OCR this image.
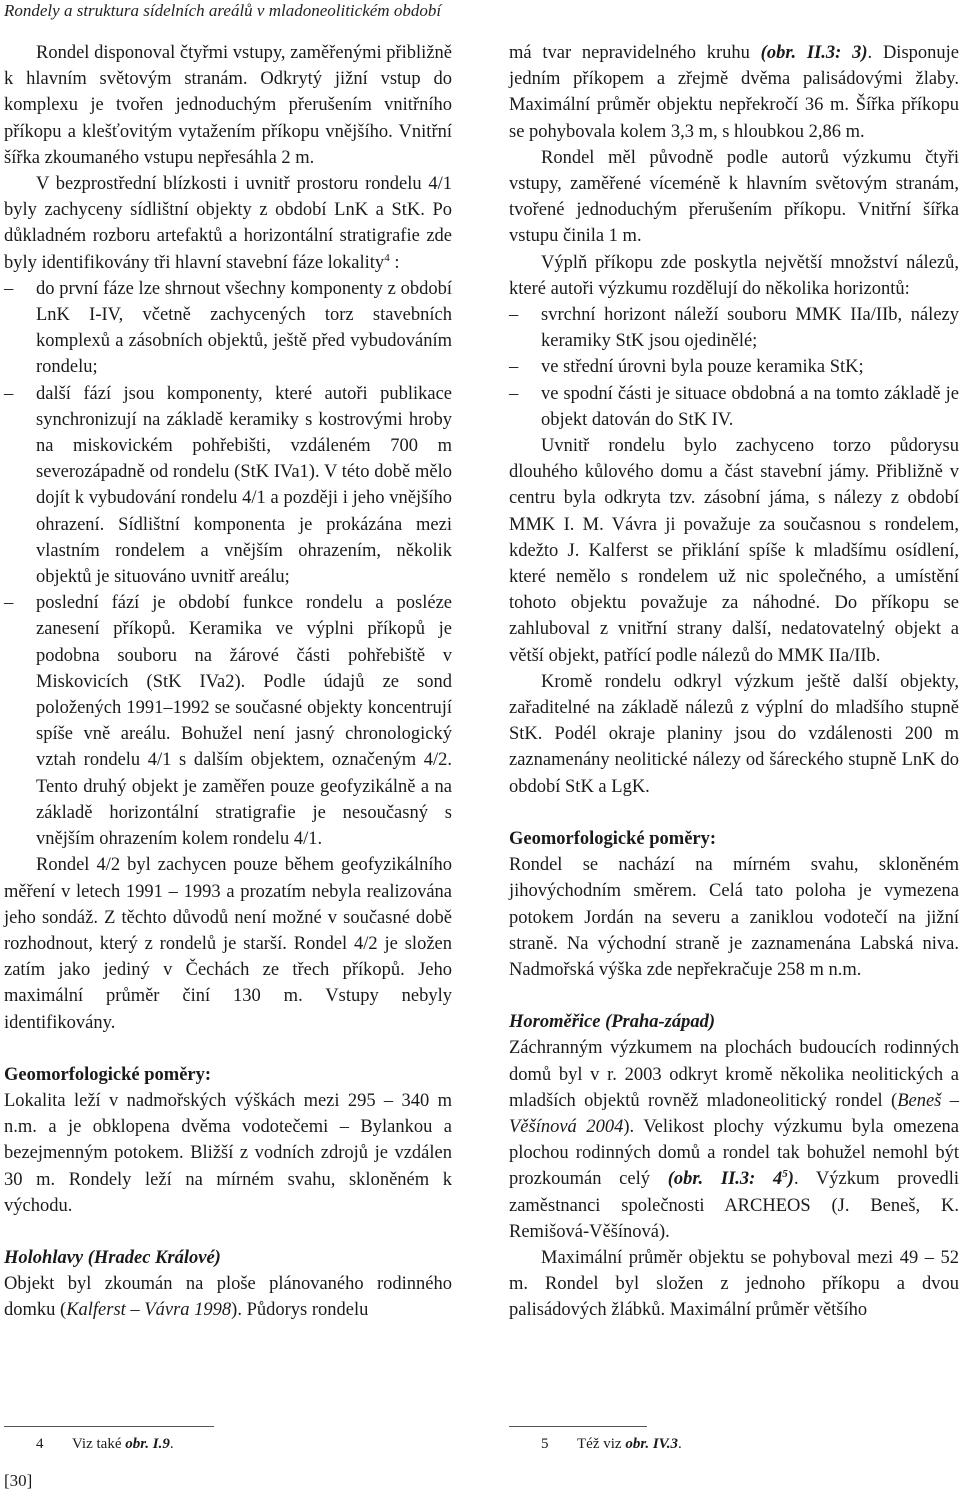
Rondely a struktura sídelních areálů v mladoneolitickém období

Rondel disponoval čtyřmi vstupy, zaměřenými přibližně k hlavním světovým stranám. Odkrytý jižní vstup do komplexu je tvořen jednoduchým přerušením vnitřního příkopu a klešťovitým vytažením příkopu vnějšího. Vnitřní šířka zkoumaného vstupu nepřesáhla 2 m.

V bezprostřední blízkosti i uvnitř prostoru rondelu 4/1 byly zachyceny sídlištní objekty z období LnK a StK. Po důkladném rozboru artefaktů a horizontální stratigrafie zde byly identifikovány tři hlavní stavební fáze lokality$^4$ :

– do první fáze lze shrnout všechny komponenty z období LnK I-IV, včetně zachycených torz stavebních komplexů a zásobních objektů, ještě před vybudováním rondelu;
– další fází jsou komponenty, které autoři publikace synchronizují na základě keramiky s kostrovými hroby na miskovickém pohřebišti, vzdáleném 700 m severozápadně od rondelu (StK IVa1). V této době mělo dojít k vybudování rondelu 4/1 a později i jeho vnějšího ohrazení. Sídlištní komponenta je prokázána mezi vlastním rondelem a vnějším ohrazením, několik objektů je situováno uvnitř areálu;
– poslední fází je období funkce rondelu a posléze zanesení příkopů. Keramika ve výplni příkopů je podobna souboru na žárové části pohřebiště v Miskovicích (StK IVa2). Podle údajů ze sond položených 1991–1992 se současné objekty koncentrují spíše vně areálu. Bohužel není jasný chronologický vztah rondelu 4/1 s dalším objektem, označeným 4/2. Tento druhý objekt je zaměřen pouze geofyzikálně a na základě horizontální stratigrafie je nesoučasný s vnějším ohrazením kolem rondelu 4/1.

Rondel 4/2 byl zachycen pouze během geofyzikálního měření v letech 1991 – 1993 a prozatím nebyla realizována jeho sondáž. Z těchto důvodů není možné v současné době rozhodnout, který z rondelů je starší. Rondel 4/2 je složen zatím jako jediný v Čechách ze třech příkopů. Jeho maximální průměr činí 130 m. Vstupy nebyly identifikovány.

Geomorfologické poměry:

Lokalita leží v nadmořských výškách mezi 295 – 340 m n.m. a je obklopena dvěma vodotečemi – Bylankou a bezejmenným potokem. Bližší z vodních zdrojů je vzdálen 30 m. Rondely leží na mírném svahu, skloněném k východu.

Holohlavy (Hradec Králové)

Objekt byl zkoumán na ploše plánovaného rodinného domku (Kalferst – Vávra 1998). Půdorys rondelu

má tvar nepravidelného kruhu (obr. II.3: 3). Disponuje jedním příkopem a zřejmě dvěma palisádovými žlaby. Maximální průměr objektu nepřekročí 36 m. Šířka příkopu se pohybovala kolem 3,3 m, s hloubkou 2,86 m.

Rondel měl původně podle autorů výzkumu čtyři vstupy, zaměřené víceméně k hlavním světovým stranám, tvořené jednoduchým přerušením příkopu. Vnitřní šířka vstupu činila 1 m.

Výplň příkopu zde poskytla největší množství nálezů, které autoři výzkumu rozdělují do několika horizontů:

– svrchní horizont náleží souboru MMK IIa/IIb, nálezy keramiky StK jsou ojedinělé;
– ve střední úrovni byla pouze keramika StK;
– ve spodní části je situace obdobná a na tomto základě je objekt datován do StK IV.

Uvnitř rondelu bylo zachyceno torzo půdorysu dlouhého kůlového domu a část stavební jámy. Přibližně v centru byla odkryta tzv. zásobní jáma, s nálezy z období MMK I. M. Vávra ji považuje za současnou s rondelem, kdežto J. Kalferst se přiklání spíše k mladšímu osídlení, které nemělo s rondelem už nic společného, a umístění tohoto objektu považuje za náhodné. Do příkopu se zahluboval z vnitřní strany další, nedatovatelný objekt a větší objekt, patřící podle nálezů do MMK IIa/IIb.

Kromě rondelu odkryl výzkum ještě další objekty, zařaditelné na základě nálezů z výplní do mladšího stupně StK. Podél okraje planiny jsou do vzdálenosti 200 m zaznamenány neolitické nálezy od šáreckého stupně LnK do období StK a LgK.

Geomorfologické poměry:

Rondel se nachází na mírném svahu, skloněném jihovýchodním směrem. Celá tato poloha je vymezena potokem Jordán na severu a zaniklou vodotečí na jižní straně. Na východní straně je zaznamenána Labská niva. Nadmořská výška zde nepřekračuje 258 m n.m.

Horoměřice (Praha-západ)

Záchranným výzkumem na plochách budoucích rodinných domů byl v r. 2003 odkryt kromě několika neolitických a mladších objektů rovněž mladoneolitický rondel (Beneš – Věšínová 2004). Velikost plochy výzkumu byla omezena plochou rodinných domů a rondel tak bohužel nemohl být prozkoumán celý (obr. II.3: $4^5$). Výzkum provedli zaměstnanci společnosti ARCHEOS (J. Beneš, K. Remišová-Věšínová).

Maximální průměr objektu se pohyboval mezi 49 – 52 m. Rondel byl složen z jednoho příkopu a dvou palisádových žlábků. Maximální průměr většího

4 Viz také obr. I.9.	5 Též viz obr. IV.3.
[30]
